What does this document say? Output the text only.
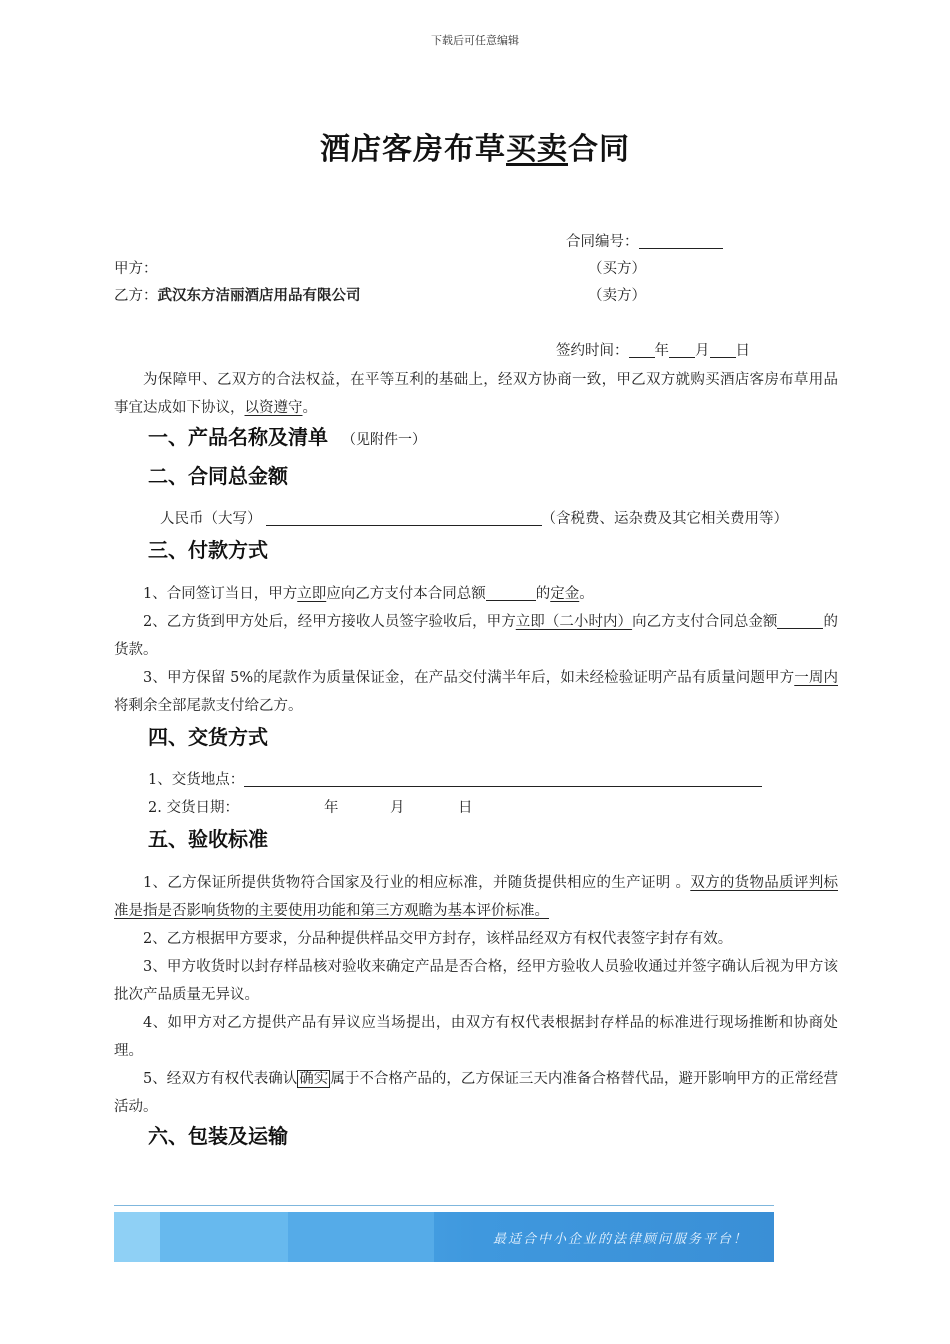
下载后可任意编辑
酒店客房布草买卖合同
合同编号：
甲方：	（买方）
乙方：武汉东方洁丽酒店用品有限公司	（卖方）
签约时间： 年 月 日
为保障甲、乙双方的合法权益，在平等互利的基础上，经双方协商一致，甲乙双方就购买酒店客房布草用品事宜达成如下协议，以资遵守。
一、产品名称及清单 （见附件一）
二、合同总金额
人民币（大写）	（含税费、运杂费及其它相关费用等）
三、付款方式
1、合同签订当日，甲方立即应向乙方支付本合同总额	的定金。
2、乙方货到甲方处后，经甲方接收人员签字验收后，甲方立即（二小时内）向乙方支付合同总金额	的货款。
3、甲方保留 5%的尾款作为质量保证金，在产品交付满半年后，如未经检验证明产品有质量问题甲方一周内将剩余全部尾款支付给乙方。
四、交货方式
1、交货地点：
2. 交货日期：	年	月	日
五、验收标准
1、乙方保证所提供货物符合国家及行业的相应标准，并随货提供相应的生产证明 。双方的货物品质评判标准是指是否影响货物的主要使用功能和第三方观瞻为基本评价标准。
2、乙方根据甲方要求，分品种提供样品交甲方封存，该样品经双方有权代表签字封存有效。
3、甲方收货时以封存样品核对验收来确定产品是否合格，经甲方验收人员验收通过并签字确认后视为甲方该批次产品质量无异议。
4、如甲方对乙方提供产品有异议应当场提出，由双方有权代表根据封存样品的标准进行现场推断和协商处理。
5、经双方有权代表确认 确实 属于不合格产品的，乙方保证三天内准备合格替代品，避开影响甲方的正常经营活动。
六、包装及运输
最适合中小企业的法律顾问服务平台！
